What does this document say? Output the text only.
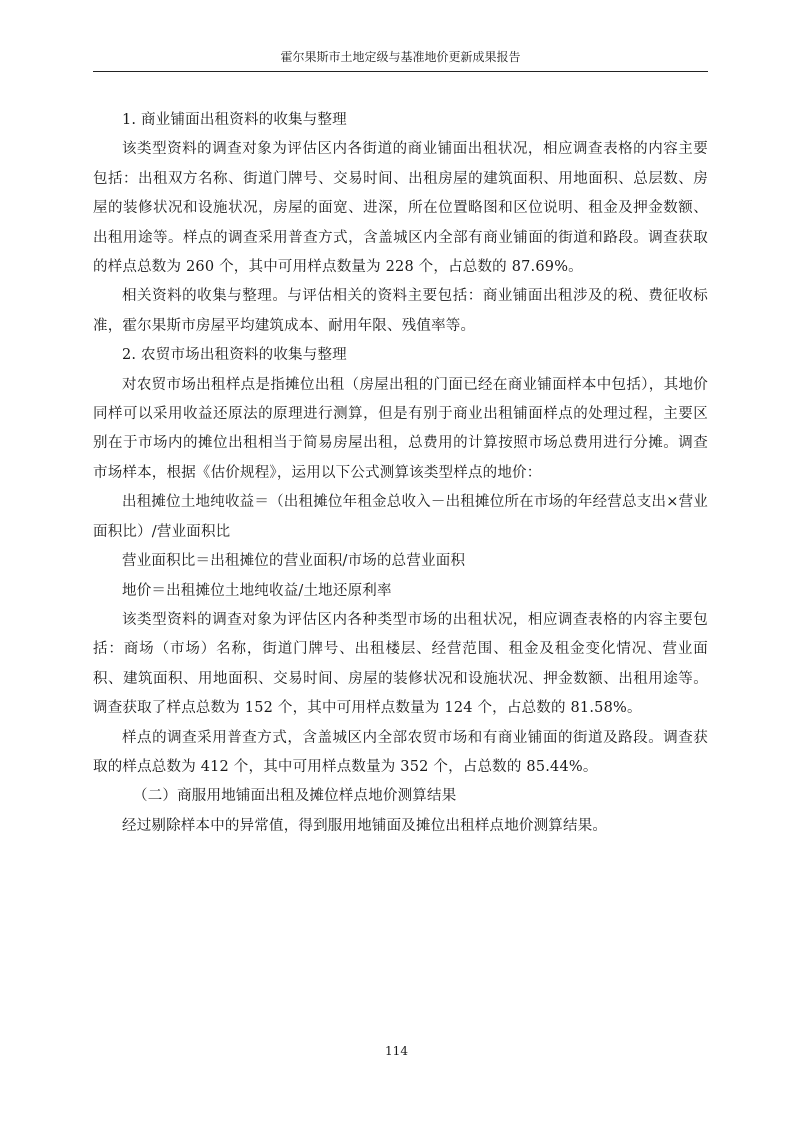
霍尔果斯市土地定级与基准地价更新成果报告

1. 商业铺面出租资料的收集与整理

该类型资料的调查对象为评估区内各街道的商业铺面出租状况，相应调查表格的内容主要包括：出租双方名称、街道门牌号、交易时间、出租房屋的建筑面积、用地面积、总层数、房屋的装修状况和设施状况，房屋的面宽、进深，所在位置略图和区位说明、租金及押金数额、出租用途等。样点的调查采用普查方式，含盖城区内全部有商业铺面的街道和路段。调查获取的样点总数为 260 个，其中可用样点数量为 228 个，占总数的 87.69%。

相关资料的收集与整理。与评估相关的资料主要包括：商业铺面出租涉及的税、费征收标准，霍尔果斯市房屋平均建筑成本、耐用年限、残值率等。

2. 农贸市场出租资料的收集与整理

对农贸市场出租样点是指摊位出租（房屋出租的门面已经在商业铺面样本中包括），其地价同样可以采用收益还原法的原理进行测算，但是有别于商业出租铺面样点的处理过程，主要区别在于市场内的摊位出租相当于简易房屋出租，总费用的计算按照市场总费用进行分摊。调查市场样本，根据《估价规程》，运用以下公式测算该类型样点的地价：

出租摊位土地纯收益＝（出租摊位年租金总收入－出租摊位所在市场的年经营总支出×营业面积比）/营业面积比

营业面积比＝出租摊位的营业面积/市场的总营业面积

地价＝出租摊位土地纯收益/土地还原利率

该类型资料的调查对象为评估区内各种类型市场的出租状况，相应调查表格的内容主要包括：商场（市场）名称，街道门牌号、出租楼层、经营范围、租金及租金变化情况、营业面积、建筑面积、用地面积、交易时间、房屋的装修状况和设施状况、押金数额、出租用途等。调查获取了样点总数为 152 个，其中可用样点数量为 124 个，占总数的 81.58%。

样点的调查采用普查方式，含盖城区内全部农贸市场和有商业铺面的街道及路段。调查获取的样点总数为 412 个，其中可用样点数量为 352 个，占总数的 85.44%。

（二）商服用地铺面出租及摊位样点地价测算结果

经过剔除样本中的异常值，得到服用地铺面及摊位出租样点地价测算结果。

114
